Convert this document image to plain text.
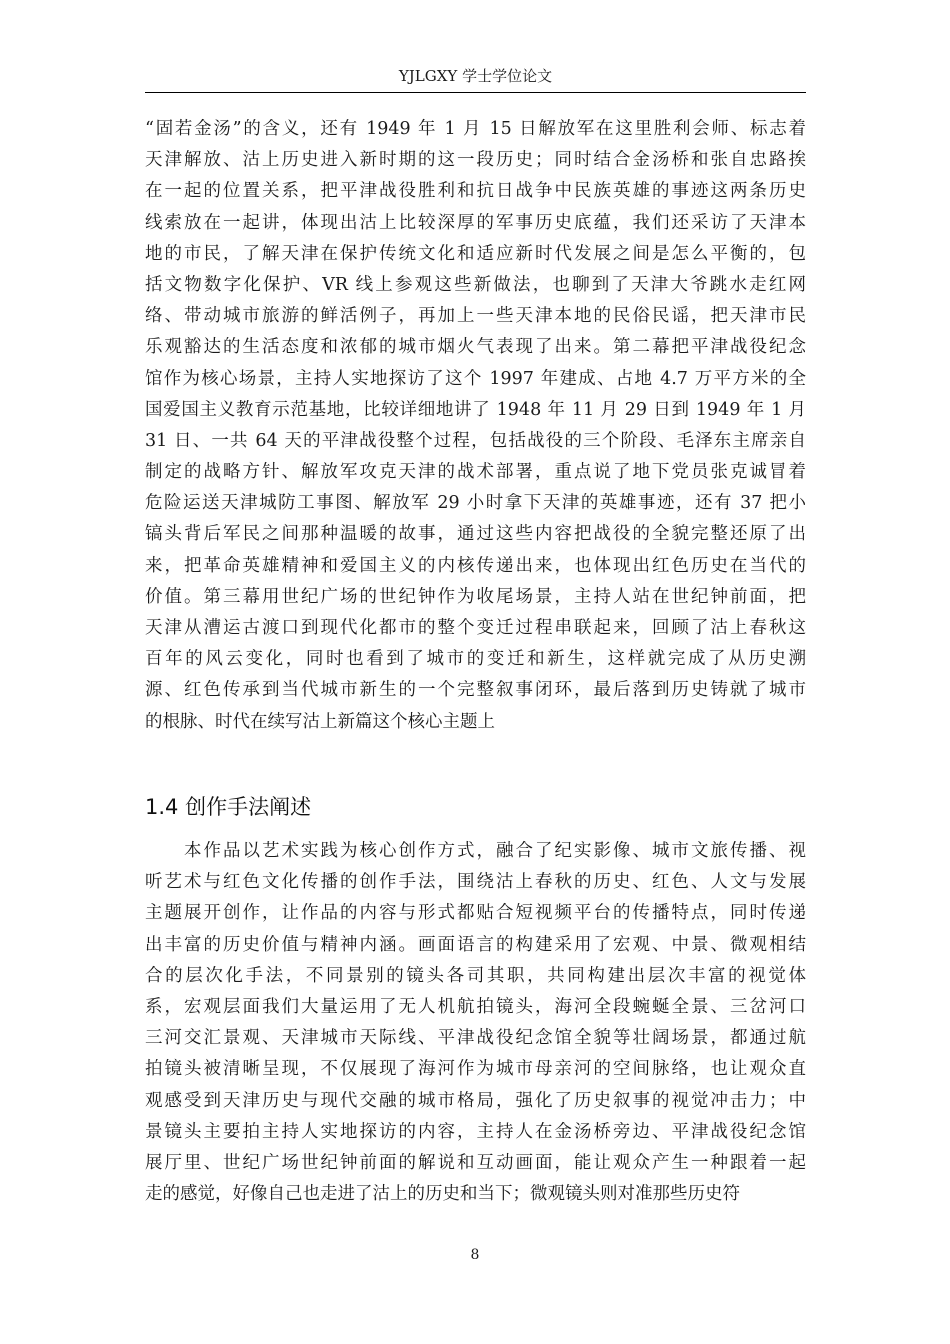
YJLGXY 学士学位论文
“固若金汤”的含义，还有 1949 年 1 月 15 日解放军在这里胜利会师、标志着
天津解放、沽上历史进入新时期的这一段历史；同时结合金汤桥和张自忠路挨
在一起的位置关系，把平津战役胜利和抗日战争中民族英雄的事迹这两条历史
线索放在一起讲，体现出沽上比较深厚的军事历史底蕴，我们还采访了天津本
地的市民，了解天津在保护传统文化和适应新时代发展之间是怎么平衡的，包
括文物数字化保护、VR 线上参观这些新做法，也聊到了天津大爷跳水走红网
络、带动城市旅游的鲜活例子，再加上一些天津本地的民俗民谣，把天津市民
乐观豁达的生活态度和浓郁的城市烟火气表现了出来。第二幕把平津战役纪念
馆作为核心场景，主持人实地探访了这个 1997 年建成、占地 4.7 万平方米的全
国爱国主义教育示范基地，比较详细地讲了 1948 年 11 月 29 日到 1949 年 1 月
31 日、一共 64 天的平津战役整个过程，包括战役的三个阶段、毛泽东主席亲自
制定的战略方针、解放军攻克天津的战术部署，重点说了地下党员张克诚冒着
危险运送天津城防工事图、解放军 29 小时拿下天津的英雄事迹，还有 37 把小
镐头背后军民之间那种温暖的故事，通过这些内容把战役的全貌完整还原了出
来，把革命英雄精神和爱国主义的内核传递出来，也体现出红色历史在当代的
价值。第三幕用世纪广场的世纪钟作为收尾场景，主持人站在世纪钟前面，把
天津从漕运古渡口到现代化都市的整个变迁过程串联起来，回顾了沽上春秋这
百年的风云变化，同时也看到了城市的变迁和新生，这样就完成了从历史溯
源、红色传承到当代城市新生的一个完整叙事闭环，最后落到历史铸就了城市
的根脉、时代在续写沽上新篇这个核心主题上
1.4 创作手法阐述
　　本作品以艺术实践为核心创作方式，融合了纪实影像、城市文旅传播、视
听艺术与红色文化传播的创作手法，围绕沽上春秋的历史、红色、人文与发展
主题展开创作，让作品的内容与形式都贴合短视频平台的传播特点，同时传递
出丰富的历史价值与精神内涵。画面语言的构建采用了宏观、中景、微观相结
合的层次化手法，不同景别的镜头各司其职，共同构建出层次丰富的视觉体
系，宏观层面我们大量运用了无人机航拍镜头，海河全段蜿蜒全景、三岔河口
三河交汇景观、天津城市天际线、平津战役纪念馆全貌等壮阔场景，都通过航
拍镜头被清晰呈现，不仅展现了海河作为城市母亲河的空间脉络，也让观众直
观感受到天津历史与现代交融的城市格局，强化了历史叙事的视觉冲击力；中
景镜头主要拍主持人实地探访的内容，主持人在金汤桥旁边、平津战役纪念馆
展厅里、世纪广场世纪钟前面的解说和互动画面，能让观众产生一种跟着一起
走的感觉，好像自己也走进了沽上的历史和当下；微观镜头则对准那些历史符
8
